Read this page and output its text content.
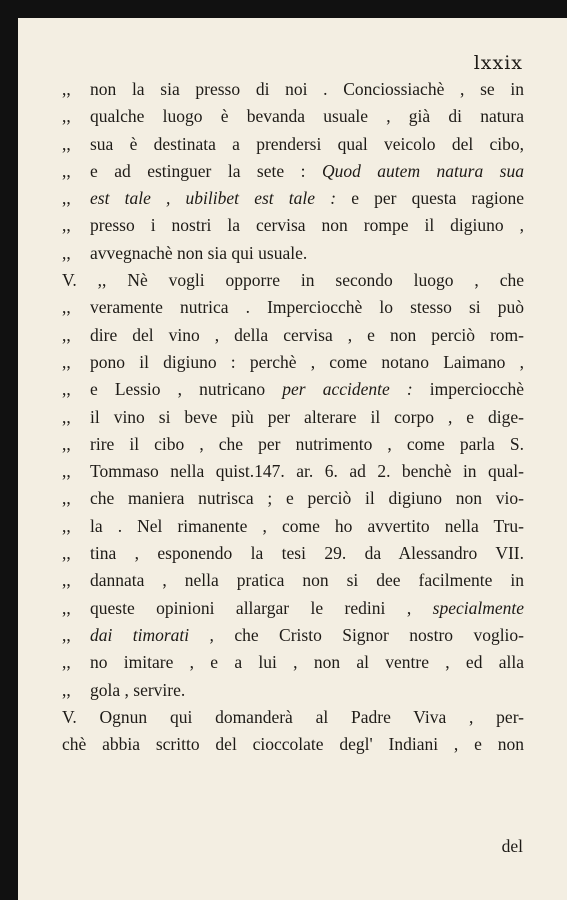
lxxix
,,	non la sia presso di noi . Conciossiachè , se in
,,	qualche luogo è bevanda usuale , già di natura
,,	sua è destinata a prendersi qual veicolo del cibo,
,,	e ad estinguer la sete : Quod autem natura sua
,,	est tale , ubilibet est tale : e per questa ragione
,,	presso i nostri la cervisa non rompe il digiuno ,
,,	avvegnachè non sia qui usuale.
V. ,, Nè vogli opporre in secondo luogo , che
,,	veramente nutrica . Imperciocchè lo stesso si può
,,	dire del vino , della cervisa , e non perciò rom-
,,	pono il digiuno : perchè , come notano Laimano ,
,,	e Lessio , nutricano per accidente : imperciocchè
,,	il vino si beve più per alterare il corpo , e dige-
,,	rire il cibo , che per nutrimento , come parla S.
,,	Tommaso nella quist.147. ar. 6. ad 2. benchè in qual-
,,	che maniera nutrisca ; e perciò il digiuno non vio-
,,	la . Nel rimanente , come ho avvertito nella Tru-
,,	tina , esponendo la tesi 29. da Alessandro VII.
,,	dannata , nella pratica non si dee facilmente in
,,	queste opinioni allargar le redini , specialmente
,,	dai timorati , che Cristo Signor nostro voglio-
,,	no imitare , e a lui , non al ventre , ed alla
,,	gola , servire.
V. Ognun qui domanderà al Padre Viva , per-
chè abbia scritto del cioccolate degl' Indiani , e non
del
